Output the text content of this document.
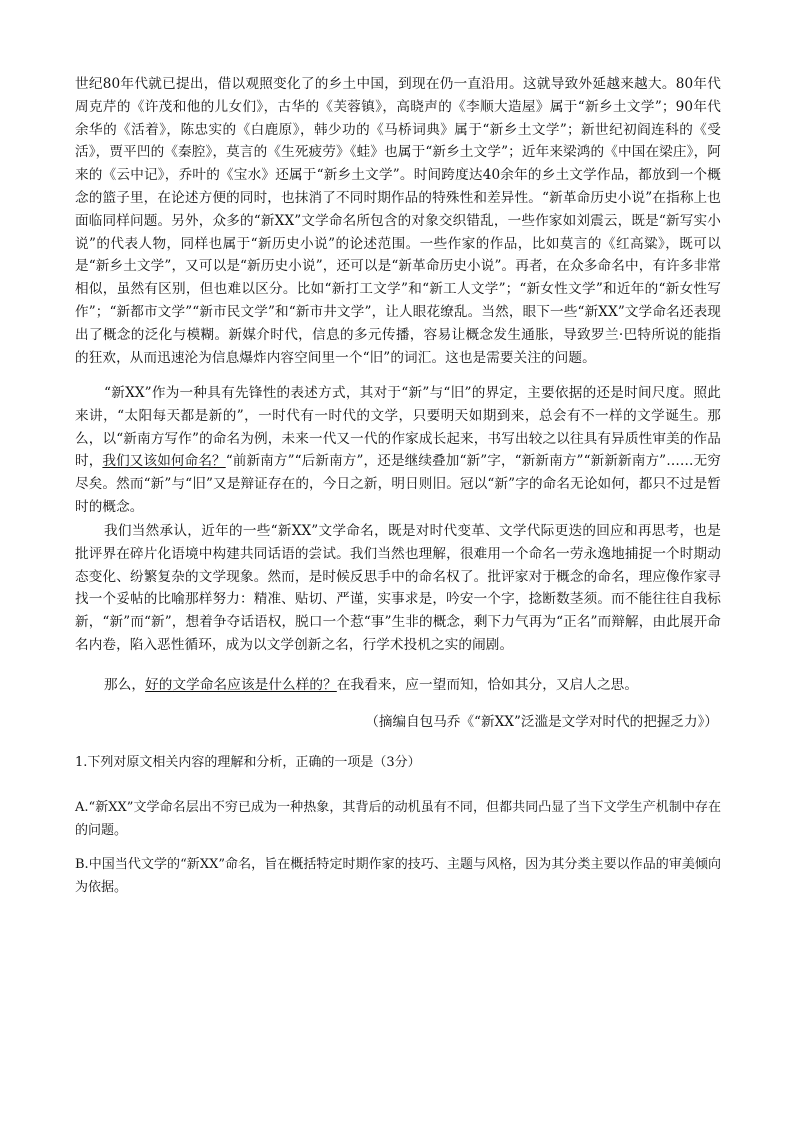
世纪80年代就已提出，借以观照变化了的乡土中国，到现在仍一直沿用。这就导致外延越来越大。80年代周克芹的《许茂和他的儿女们》，古华的《芙蓉镇》，高晓声的《李顺大造屋》属于“新乡土文学”；90年代余华的《活着》，陈忠实的《白鹿原》，韩少功的《马桥词典》属于“新乡土文学”；新世纪初阎连科的《受活》，贾平凹的《秦腔》，莫言的《生死疲劳》《蛙》也属于“新乡土文学”；近年来梁鸿的《中国在梁庄》，阿来的《云中记》，乔叶的《宝水》还属于“新乡土文学”。时间跨度达40余年的乡土文学作品，都放到一个概念的篮子里，在论述方便的同时，也抹消了不同时期作品的特殊性和差异性。“新革命历史小说”在指称上也面临同样问题。另外，众多的“新XX”文学命名所包含的对象交织错乱，一些作家如刘震云，既是“新写实小说”的代表人物，同样也属于“新历史小说”的论述范围。一些作家的作品，比如莫言的《红高粱》，既可以是“新乡土文学”，又可以是“新历史小说”，还可以是“新革命历史小说”。再者，在众多命名中，有许多非常相似，虽然有区别，但也难以区分。比如“新打工文学”和“新工人文学”；“新女性文学”和近年的“新女性写作”；“新都市文学”“新市民文学”和“新市井文学”，让人眼花缭乱。当然，眼下一些“新XX”文学命名还表现出了概念的泛化与模糊。新媒介时代，信息的多元传播，容易让概念发生通胀，导致罗兰·巴特所说的能指的狂欢，从而迅速沦为信息爆炸内容空间里一个“旧”的词汇。这也是需要关注的问题。

“新XX”作为一种具有先锋性的表述方式，其对于“新”与“旧”的界定，主要依据的还是时间尺度。照此来讲，“太阳每天都是新的”，一时代有一时代的文学，只要明天如期到来，总会有不一样的文学诞生。那么，以“新南方写作”的命名为例，未来一代又一代的作家成长起来，书写出较之以往具有异质性审美的作品时，我们又该如何命名？“前新南方”“后新南方”，还是继续叠加“新”字，“新新南方”“新新新南方”……无穷尽矣。然而“新”与“旧”又是辩证存在的，今日之新，明日则旧。冠以“新”字的命名无论如何，都只不过是暂时的概念。

我们当然承认，近年的一些“新XX”文学命名，既是对时代变革、文学代际更迭的回应和再思考，也是批评界在碎片化语境中构建共同话语的尝试。我们当然也理解，很难用一个命名一劳永逸地捕捉一个时期动态变化、纷繁复杂的文学现象。然而，是时候反思手中的命名权了。批评家对于概念的命名，理应像作家寻找一个妥帖的比喻那样努力：精准、贴切、严谨，实事求是，吟安一个字，捻断数茎须。而不能往往自我标新，“新”而“新”，想着争夺话语权，脱口一个惹“事”生非的概念，剩下力气再为“正名”而辩解，由此展开命名内卷，陷入恶性循环，成为以文学创新之名，行学术投机之实的闹剧。

那么，好的文学命名应该是什么样的？在我看来，应一望而知，恰如其分，又启人之思。

（摘编自包马乔《“新XX”泛滥是文学对时代的把握乏力》）

1.下列对原文相关内容的理解和分析，正确的一项是（3分）

A.“新XX”文学命名层出不穷已成为一种热象，其背后的动机虽有不同，但都共同凸显了当下文学生产机制中存在的问题。

B.中国当代文学的“新XX”命名，旨在概括特定时期作家的技巧、主题与风格，因为其分类主要以作品的审美倾向为依据。
